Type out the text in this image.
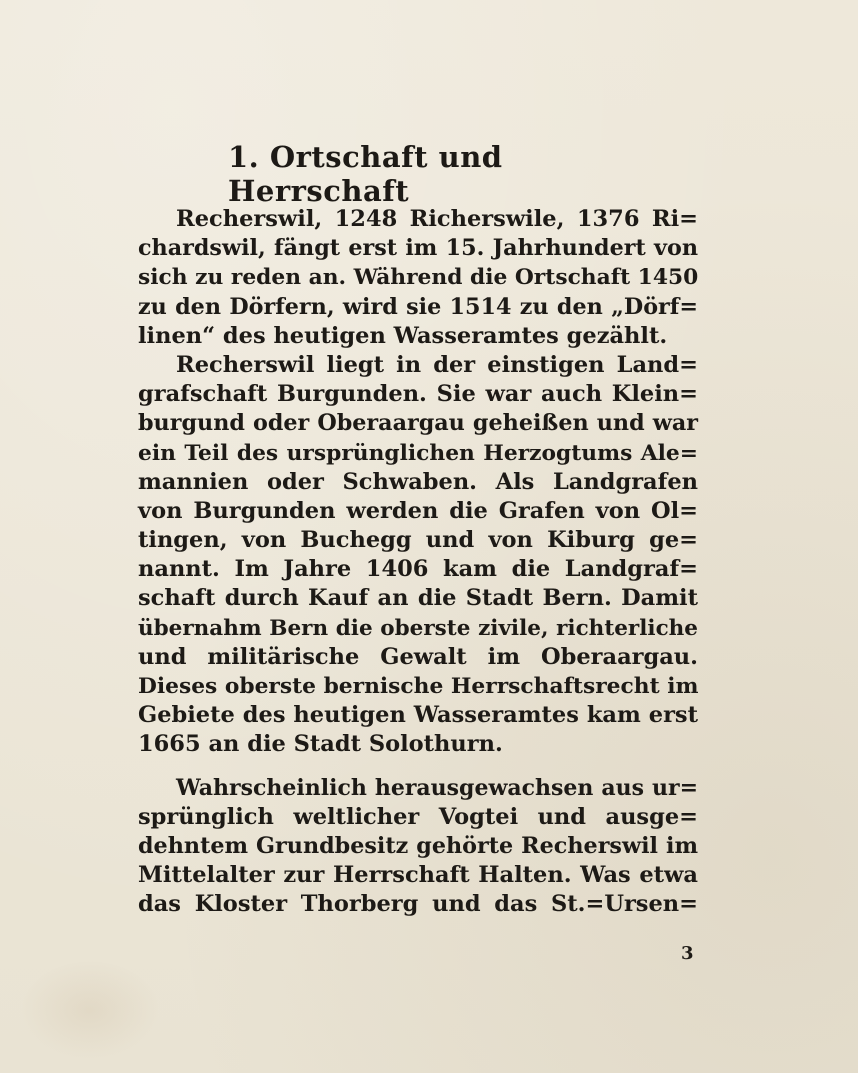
1. Ortschaft und Herrschaft
Recherswil, 1248 Richerswile, 1376 Ri=
chardswil, fängt erst im 15. Jahrhundert von
sich zu reden an. Während die Ortschaft 1450
zu den Dörfern, wird sie 1514 zu den „Dörf=
linen“ des heutigen Wasseramtes gezählt.
Recherswil liegt in der einstigen Land=
grafschaft Burgunden. Sie war auch Klein=
burgund oder Oberaargau geheißen und war
ein Teil des ursprünglichen Herzogtums Ale=
mannien oder Schwaben. Als Landgrafen
von Burgunden werden die Grafen von Ol=
tingen, von Buchegg und von Kiburg ge=
nannt. Im Jahre 1406 kam die Landgraf=
schaft durch Kauf an die Stadt Bern. Damit
übernahm Bern die oberste zivile, richterliche
und militärische Gewalt im Oberaargau.
Dieses oberste bernische Herrschaftsrecht im
Gebiete des heutigen Wasseramtes kam erst
1665 an die Stadt Solothurn.
Wahrscheinlich herausgewachsen aus ur=
sprünglich weltlicher Vogtei und ausge=
dehntem Grundbesitz gehörte Recherswil im
Mittelalter zur Herrschaft Halten. Was etwa
das Kloster Thorberg und das St.=Ursen=
3
